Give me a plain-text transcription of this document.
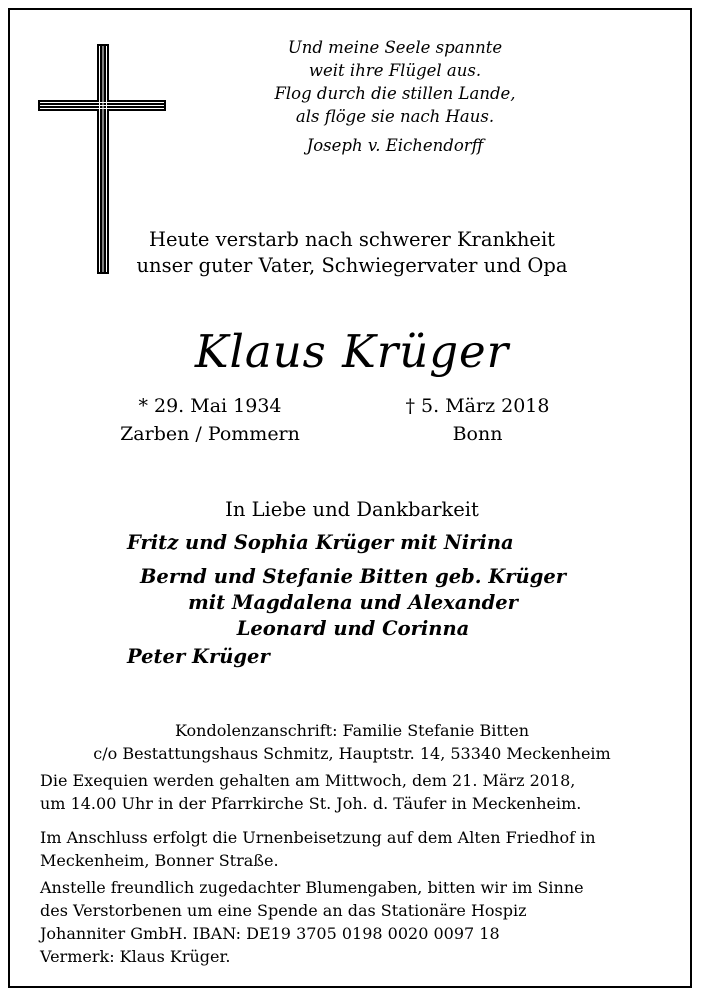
Und meine Seele spannte
weit ihre Flügel aus.
Flog durch die stillen Lande,
als flöge sie nach Haus.
Joseph v. Eichendorff
Heute verstarb nach schwerer Krankheit
unser guter Vater, Schwiegervater und Opa
Klaus Krüger
* 29. Mai 1934
Zarben / Pommern
† 5. März 2018
Bonn
In Liebe und Dankbarkeit
Fritz und Sophia Krüger mit Nirina
Bernd und Stefanie Bitten geb. Krüger
mit Magdalena und Alexander
Leonard und Corinna
Peter Krüger
Kondolenzanschrift: Familie Stefanie Bitten
c/o Bestattungshaus Schmitz, Hauptstr. 14, 53340 Meckenheim
Die Exequien werden gehalten am Mittwoch, dem 21. März 2018,
um 14.00 Uhr in der Pfarrkirche St. Joh. d. Täufer in Meckenheim.
Im Anschluss erfolgt die Urnenbeisetzung auf dem Alten Friedhof in
Meckenheim, Bonner Straße.
Anstelle freundlich zugedachter Blumengaben, bitten wir im Sinne
des Verstorbenen um eine Spende an das Stationäre Hospiz
Johanniter GmbH. IBAN: DE19 3705 0198 0020 0097 18
Vermerk: Klaus Krüger.
